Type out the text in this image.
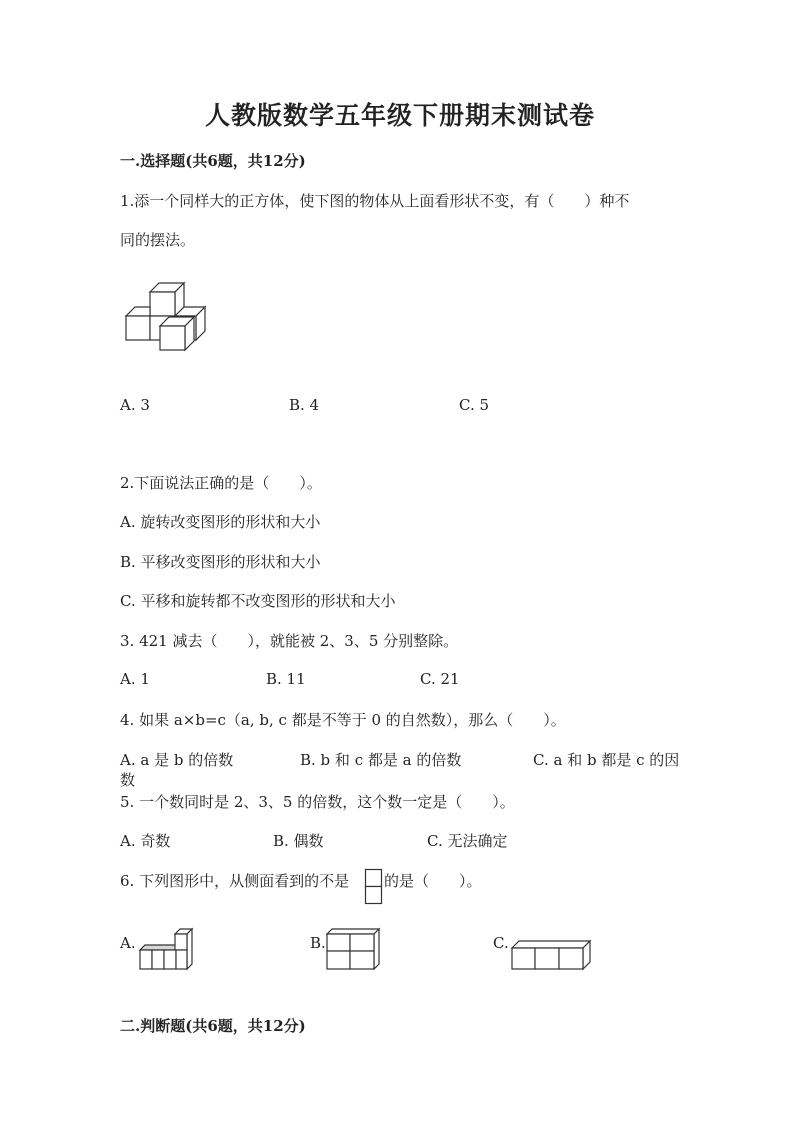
人教版数学五年级下册期末测试卷
一.选择题(共6题，共12分)
1.添一个同样大的正方体，使下图的物体从上面看形状不变，有（　　）种不
同的摆法。
A. 3	B. 4	C. 5
2.下面说法正确的是（　　）。
A. 旋转改变图形的形状和大小
B. 平移改变图形的形状和大小
C. 平移和旋转都不改变图形的形状和大小
3. 421 减去（　　），就能被 2、3、5 分别整除。
A. 1	B. 11	C. 21
4. 如果 a×b=c（a, b, c 都是不等于 0 的自然数），那么（　　）。
A. a 是 b 的倍数	B. b 和 c 都是 a 的倍数	C. a 和 b 都是 c 的因
数
5. 一个数同时是 2、3、5 的倍数，这个数一定是（　　）。
A. 奇数	B. 偶数	C. 无法确定
6. 下列图形中，从侧面看到的不是 的是（　　）。
A.	B.	C.
二.判断题(共6题，共12分)
